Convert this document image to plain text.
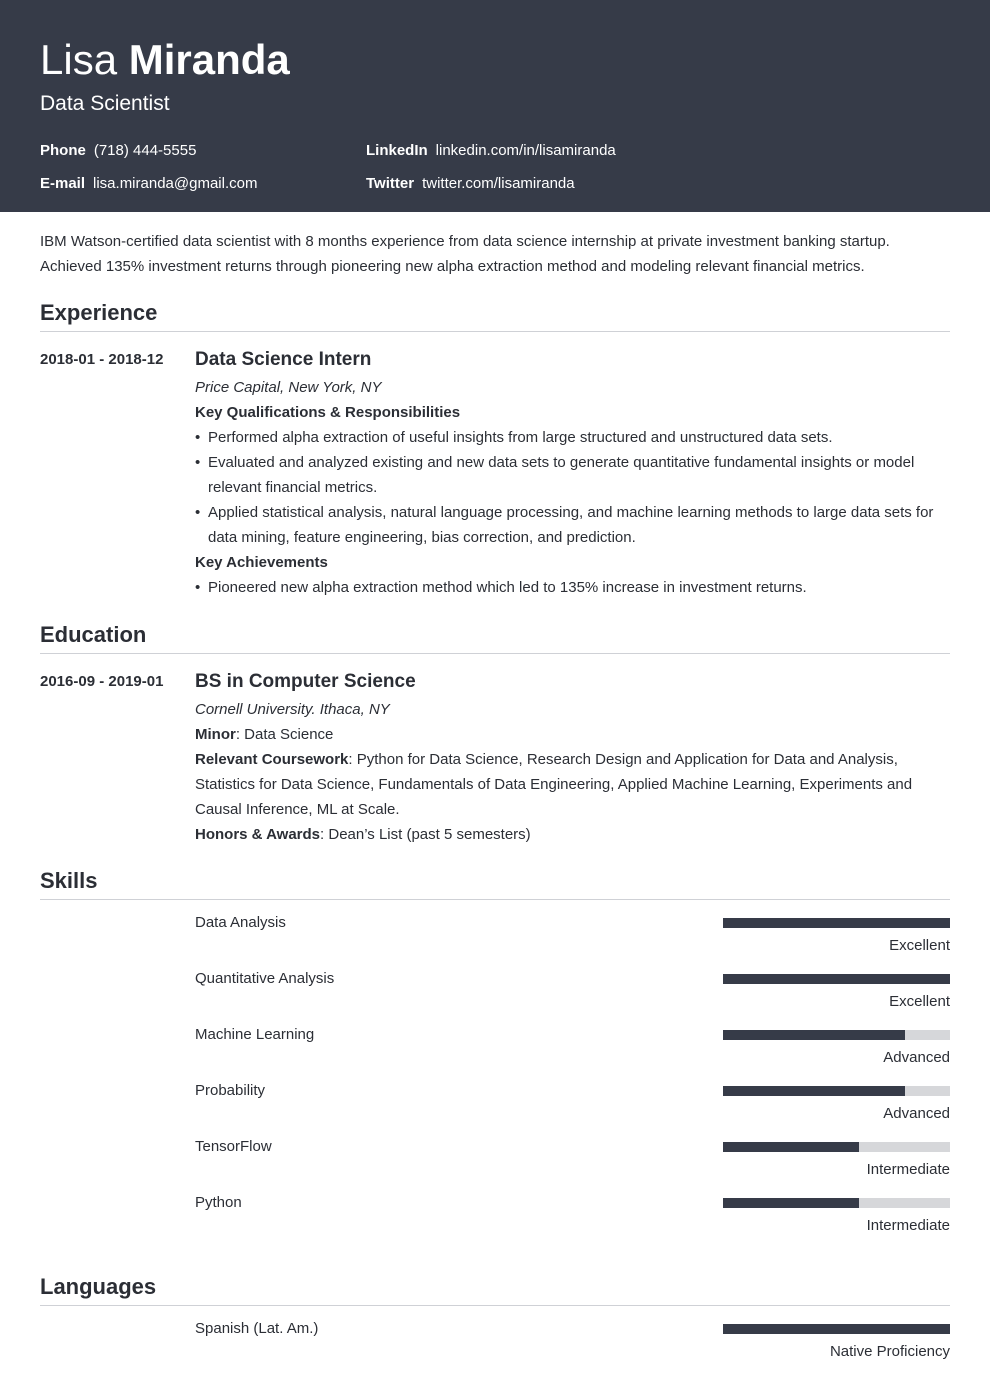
Lisa Miranda
Data Scientist
Phone (718) 444-5555	LinkedIn linkedin.com/in/lisamiranda
E-mail lisa.miranda@gmail.com	Twitter twitter.com/lisamiranda

IBM Watson-certified data scientist with 8 months experience from data science internship at private investment banking startup. Achieved 135% investment returns through pioneering new alpha extraction method and modeling relevant financial metrics.

Experience
2018-01 - 2018-12	Data Science Intern
Price Capital, New York, NY
Key Qualifications & Responsibilities
• Performed alpha extraction of useful insights from large structured and unstructured data sets.
• Evaluated and analyzed existing and new data sets to generate quantitative fundamental insights or model relevant financial metrics.
• Applied statistical analysis, natural language processing, and machine learning methods to large data sets for data mining, feature engineering, bias correction, and prediction.
Key Achievements
• Pioneered new alpha extraction method which led to 135% increase in investment returns.
Education
2016-09 - 2019-01	BS in Computer Science
Cornell University. Ithaca, NY
Minor: Data Science
Relevant Coursework: Python for Data Science, Research Design and Application for Data and Analysis, Statistics for Data Science, Fundamentals of Data Engineering, Applied Machine Learning, Experiments and Causal Inference, ML at Scale.
Honors & Awards: Dean’s List (past 5 semesters)
Skills
Data Analysis
Excellent
Quantitative Analysis
Excellent
Machine Learning
Advanced
Probability
Advanced
TensorFlow
Intermediate
Python
Intermediate
Languages
Spanish (Lat. Am.)
Native Proficiency
